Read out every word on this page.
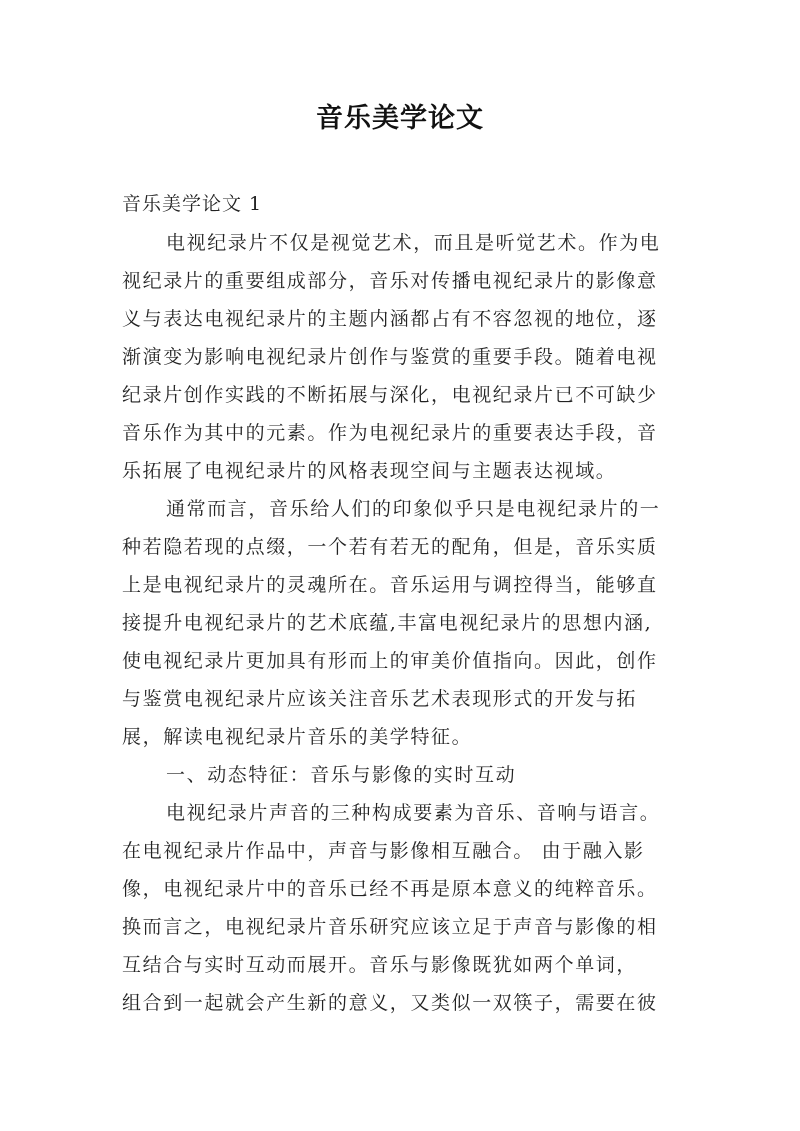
音乐美学论文
音乐美学论文 1
电视纪录片不仅是视觉艺术，而且是听觉艺术。作为电
视纪录片的重要组成部分，音乐对传播电视纪录片的影像意
义与表达电视纪录片的主题内涵都占有不容忽视的地位，逐
渐演变为影响电视纪录片创作与鉴赏的重要手段。随着电视
纪录片创作实践的不断拓展与深化，电视纪录片已不可缺少
音乐作为其中的元素。作为电视纪录片的重要表达手段，音
乐拓展了电视纪录片的风格表现空间与主题表达视域。
通常而言，音乐给人们的印象似乎只是电视纪录片的一
种若隐若现的点缀，一个若有若无的配角，但是，音乐实质
上是电视纪录片的灵魂所在。音乐运用与调控得当，能够直
接提升电视纪录片的艺术底蕴,丰富电视纪录片的思想内涵,
使电视纪录片更加具有形而上的审美价值指向。因此，创作
与鉴赏电视纪录片应该关注音乐艺术表现形式的开发与拓
展，解读电视纪录片音乐的美学特征。
一、动态特征：音乐与影像的实时互动
电视纪录片声音的三种构成要素为音乐、音响与语言。
在电视纪录片作品中，声音与影像相互融合。 由于融入影
像，电视纪录片中的音乐已经不再是原本意义的纯粹音乐。
换而言之，电视纪录片音乐研究应该立足于声音与影像的相
互结合与实时互动而展开。音乐与影像既犹如两个单词，
组合到一起就会产生新的意义，又类似一双筷子，需要在彼
